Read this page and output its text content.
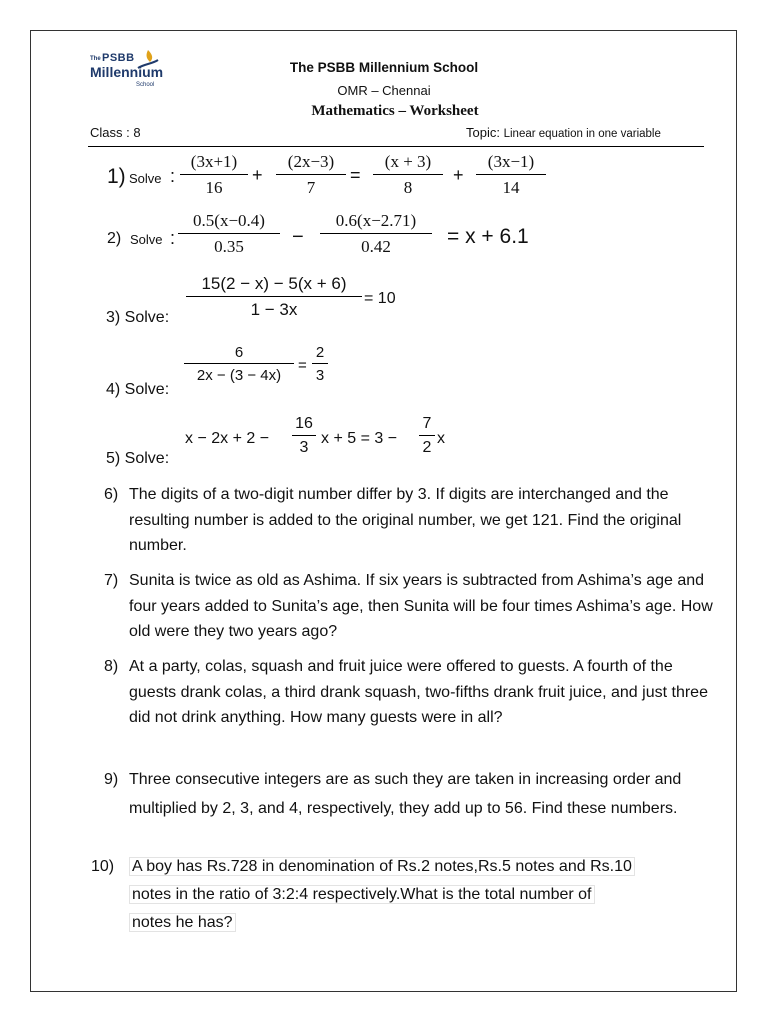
The PSBB
Millennium
School
The PSBB Millennium School
OMR – Chennai
Mathematics – Worksheet
Class : 8	Topic: Linear equation in one variable
1) Solve : $\frac{(3x+1)}{16} + \frac{(2x-3)}{7} = \frac{(x + 3)}{8} + \frac{(3x-1)}{14}$
2) Solve : $\frac{0.5(x-0.4)}{0.35} - \frac{0.6(x-2.71)}{0.42} = x + 6.1$
3) Solve: $\frac{15(2 - x) - 5(x + 6)}{1 - 3x} = 10$
4) Solve:
$\frac{6}{2x - (3 - 4x)} = \frac{2}{3}$
5) Solve:
$x - 2x + 2 - \frac{16}{3}$ $x + 5 = 3 - \frac{7}{2}$ x
6) The digits of a two-digit number differ by 3. If digits are interchanged and the resulting number is added to the original number, we get 121. Find the original number.
7) Sunita is twice as old as Ashima. If six years is subtracted from Ashima’s age and four years added to Sunita’s age, then Sunita will be four times Ashima’s age. How old were they two years ago?
8) At a party, colas, squash and fruit juice were offered to guests. A fourth of the guests drank colas, a third drank squash, two-fifths drank fruit juice, and just three did not drink anything. How many guests were in all?
9) Three consecutive integers are as such they are taken in increasing order and multiplied by 2, 3, and 4, respectively, they add up to 56. Find these numbers.
10) A boy has Rs.728 in denomination of Rs.2 notes,Rs.5 notes and Rs.10
notes in the ratio of 3:2:4 respectively.What is the total number of
notes he has?
